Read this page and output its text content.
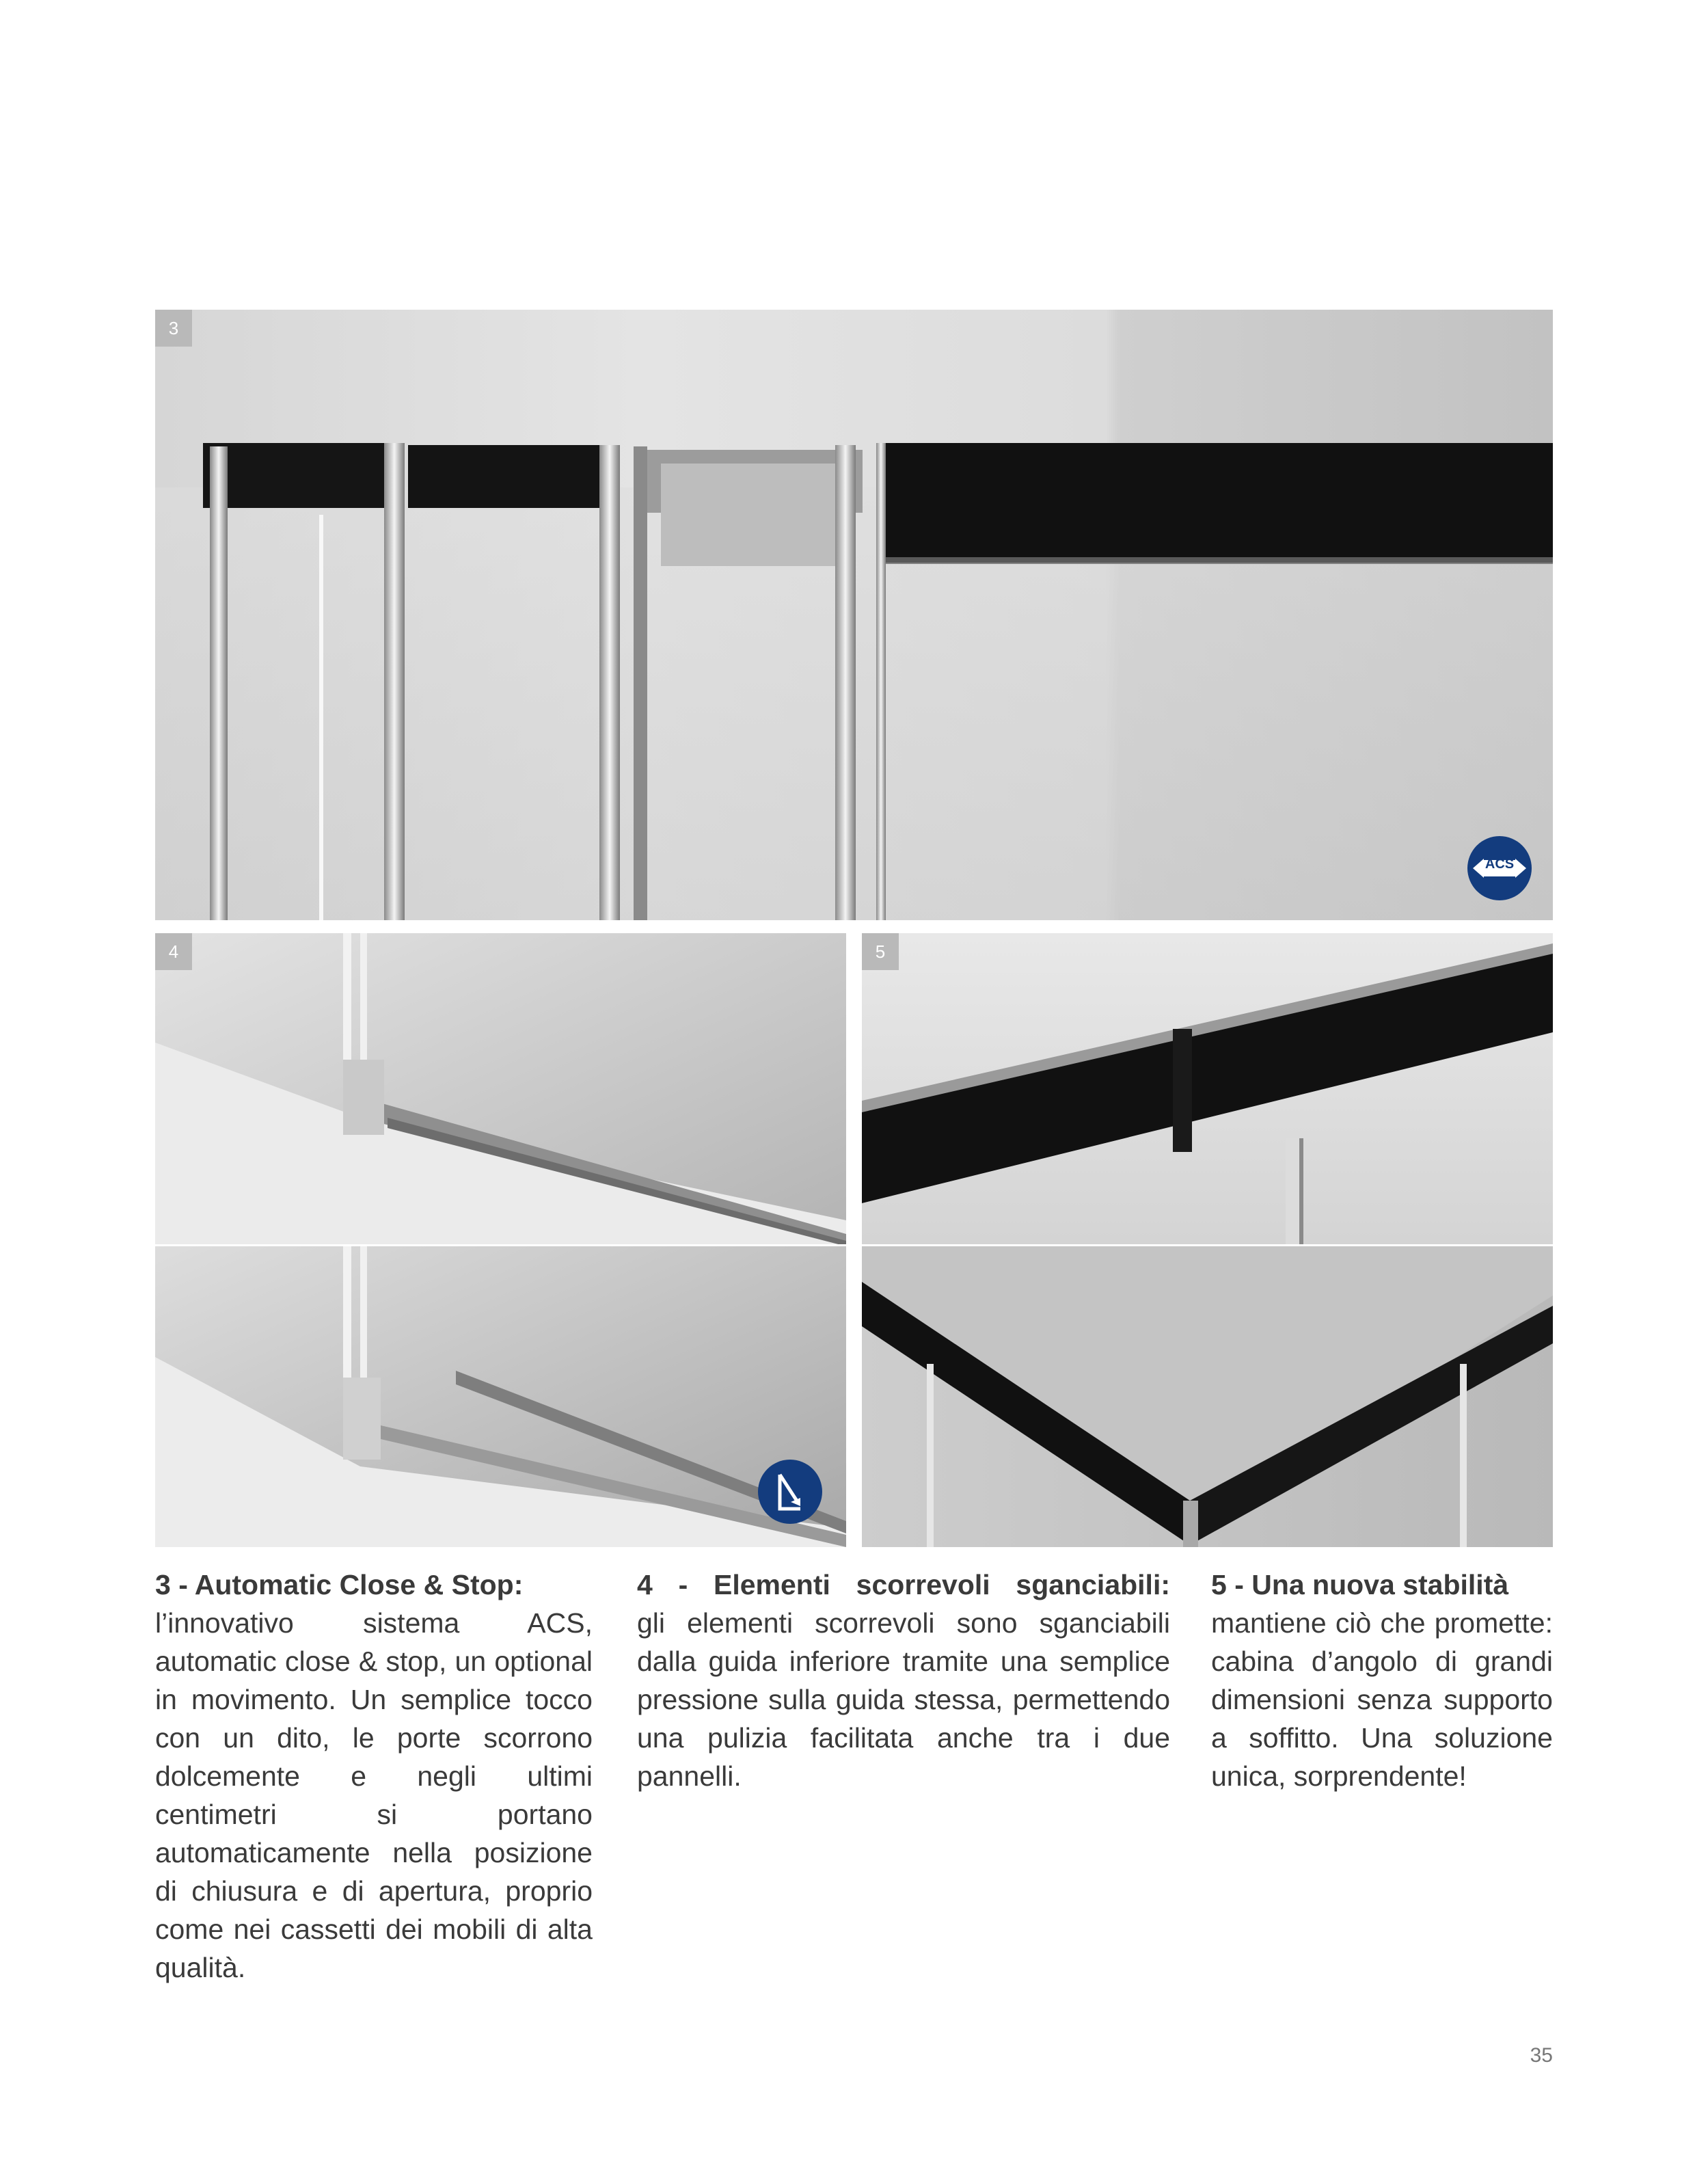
3
ACS
4	5
3 - Automatic Close & Stop:

l’innovativo sistema ACS, automatic close & stop, un optional in movimento. Un semplice tocco con un dito, le porte scorrono dolcemente e negli ultimi centimetri si portano automaticamente nella posizione di chiusura e di apertura, proprio come nei cassetti dei mobili di alta qualità.

4 - Elementi scorrevoli sganciabili:

gli elementi scorrevoli sono sganciabili dalla guida inferiore tramite una semplice pressione sulla guida stessa, permettendo una pulizia facilitata anche tra i due pannelli.

5 - Una nuova stabilità

mantiene ciò che promette: cabina d’angolo di grandi dimensioni senza supporto a soffitto. Una soluzione unica, sorprendente!

35
